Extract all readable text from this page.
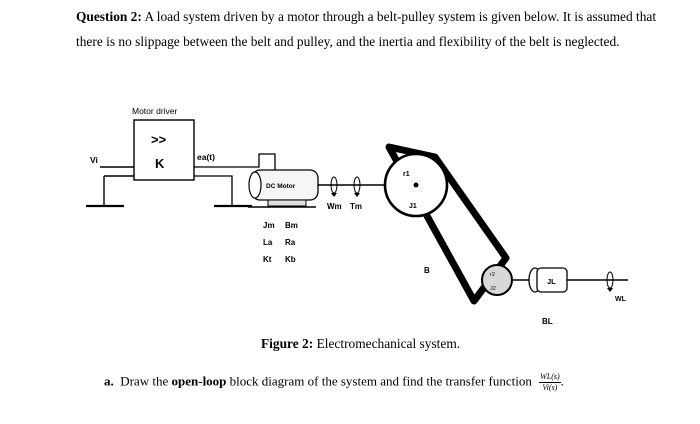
Question 2: A load system driven by a motor through a belt-pulley system is given below. It is assumed that there is no slippage between the belt and pulley, and the inertia and flexibility of the belt is neglected.
Motor driver
>>
K
Vi	ea(t)
DC Motor
Jm Bm
La Ra
Kt Kb
Wm Tm
r1
J1
r2
J2
B
JL
BL
WL
Figure 2: Electromechanical system.
a. Draw the open-loop block diagram of the system and find the transfer function $\frac{WL(s)}{Vi(s)}$ .
